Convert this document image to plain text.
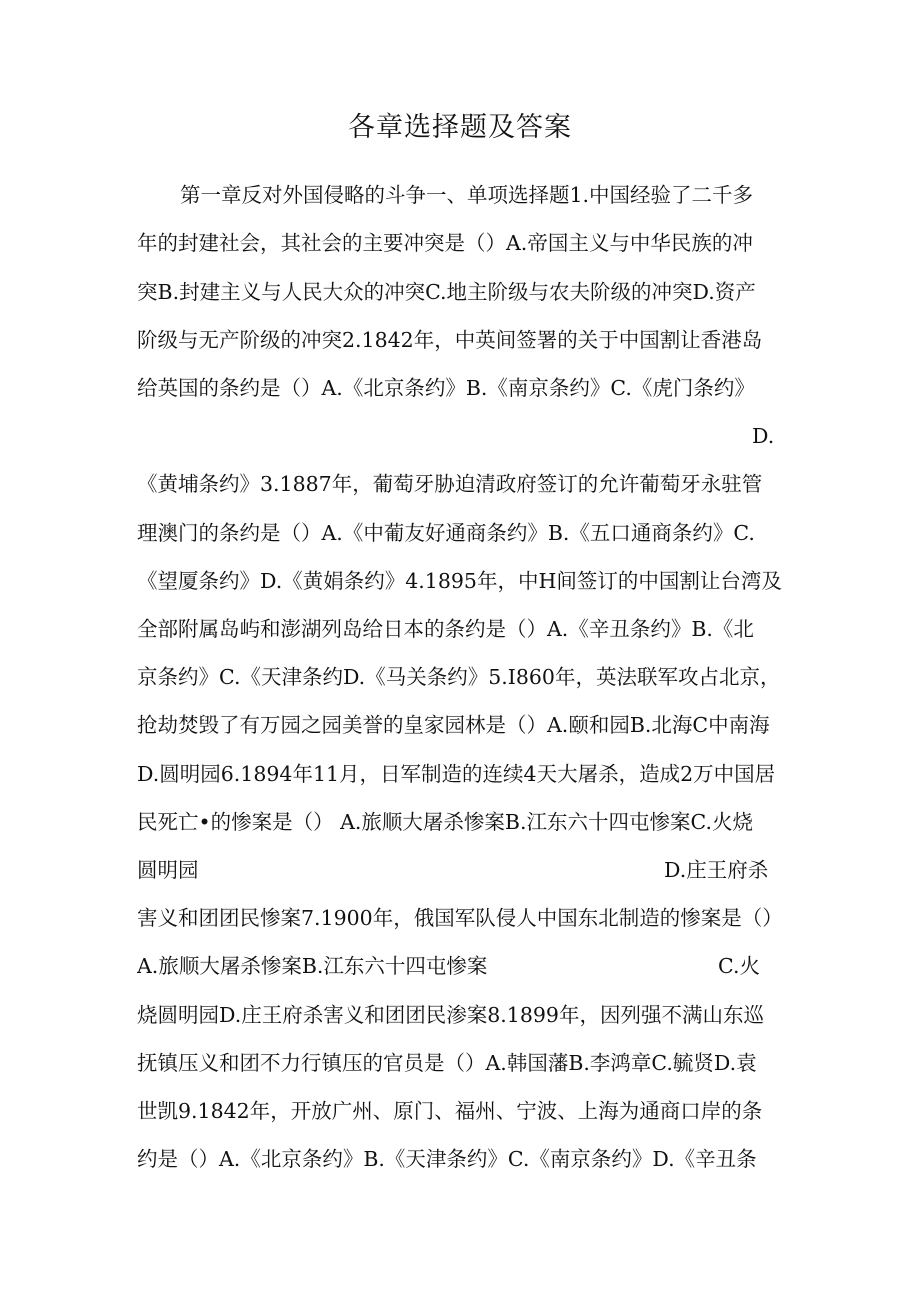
各章选择题及答案
第一章反对外国侵略的斗争一、单项选择题1.中国经验了二千多
年的封建社会，其社会的主要冲突是（）A.帝国主义与中华民族的冲
突B.封建主义与人民大众的冲突C.地主阶级与农夫阶级的冲突D.资产
阶级与无产阶级的冲突2.1842年，中英间签署的关于中国割让香港岛
给英国的条约是（）A.《北京条约》B.《南京条约》C.《虎门条约》
D.
《黄埔条约》3.1887年，葡萄牙胁迫清政府签订的允许葡萄牙永驻管
理澳门的条约是（）A.《中葡友好通商条约》B.《五口通商条约》C.
《望厦条约》D.《黄娟条约》4.1895年，中H间签订的中国割让台湾及
全部附属岛屿和澎湖列岛给日本的条约是（）A.《辛丑条约》B.《北
京条约》C.《天津条约D.《马关条约》5.I860年，英法联军攻占北京，
抢劫焚毁了有万园之园美誉的皇家园林是（）A.颐和园B.北海C中南海
D.圆明园6.1894年11月，日军制造的连续4天大屠杀，造成2万中国居
民死亡•的惨案是（） A.旅顺大屠杀惨案B.江东六十四屯惨案C.火烧
圆明园	D.庄王府杀
害义和团团民惨案7.1900年，俄国军队侵人中国东北制造的惨案是（）
A.旅顺大屠杀惨案B.江东六十四屯惨案	C.火
烧圆明园D.庄王府杀害义和团团民渗案8.1899年，因列强不满山东巡
抚镇压义和团不力行镇压的官员是（）A.韩国藩B.李鸿章C.毓贤D.袁
世凯9.1842年，开放广州、原门、福州、宁波、上海为通商口岸的条
约是（）A.《北京条约》B.《天津条约》C.《南京条约》D.《辛丑条
